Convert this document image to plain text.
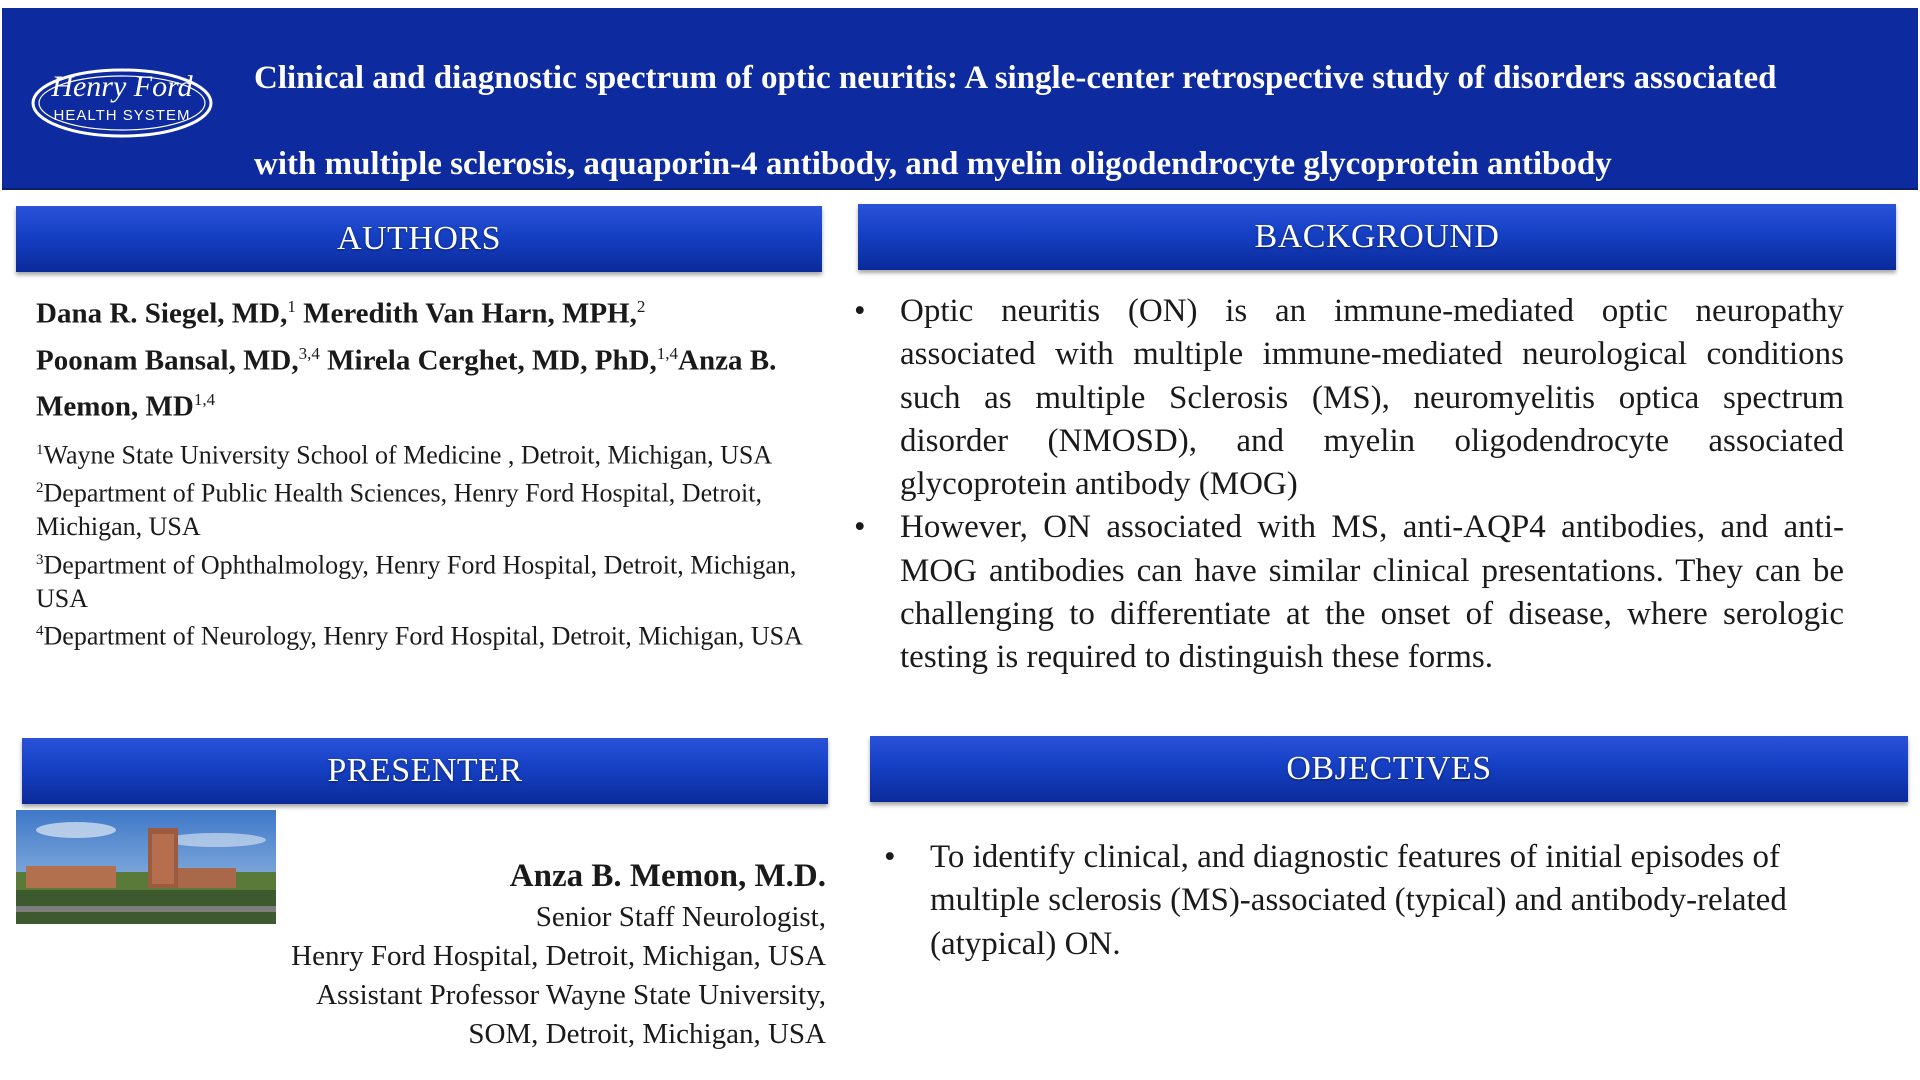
Henry Ford
HEALTH SYSTEM
Clinical and diagnostic spectrum of optic neuritis: A single-center retrospective study of disorders associated
with multiple sclerosis, aquaporin-4 antibody, and myelin oligodendrocyte glycoprotein antibody
AUTHORS	BACKGROUND
PRESENTER	OBJECTIVES
Dana R. Siegel, MD,$^1$ Meredith Van Harn, MPH,$^2$
Poonam Bansal, MD,$^{3,4}$ Mirela Cerghet, MD, PhD,$^{1,4}$Anza B. Memon, MD$^{1,4}$
$^1$Wayne State University School of Medicine , Detroit, Michigan, USA
$^2$Department of Public Health Sciences, Henry Ford Hospital, Detroit, Michigan, USA
$^3$Department of Ophthalmology, Henry Ford Hospital, Detroit, Michigan, USA
$^4$Department of Neurology, Henry Ford Hospital, Detroit, Michigan, USA
• Optic neuritis (ON) is an immune-mediated optic neuropathy associated with multiple immune-mediated neurological conditions such as multiple Sclerosis (MS), neuromyelitis optica spectrum disorder (NMOSD), and myelin oligodendrocyte associated glycoprotein antibody (MOG)
• However, ON associated with MS, anti-AQP4 antibodies, and anti-MOG antibodies can have similar clinical presentations. They can be challenging to differentiate at the onset of disease, where serologic testing is required to distinguish these forms.
• To identify clinical, and diagnostic features of initial episodes of multiple sclerosis (MS)-associated (typical) and antibody-related (atypical) ON.
Anza B. Memon, M.D.
Senior Staff Neurologist,
Henry Ford Hospital, Detroit, Michigan, USA
Assistant Professor Wayne State University,
SOM, Detroit, Michigan, USA
